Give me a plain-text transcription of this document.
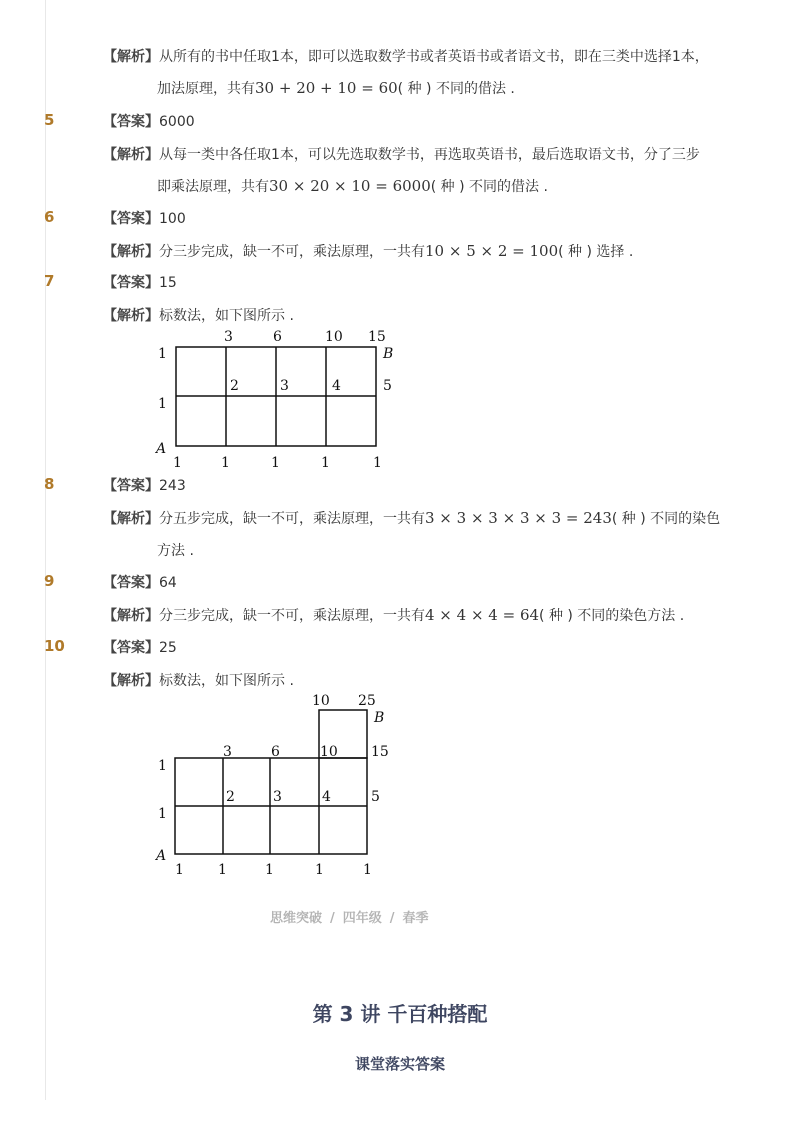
【解析】从所有的书中任取1本，即可以选取数学书或者英语书或者语文书，即在三类中选择1本，
加法原理，共有30 + 20 + 10 = 60( 种 ) 不同的借法 .
5	【答案】6000
【解析】从每一类中各任取1本，可以先选取数学书，再选取英语书，最后选取语文书，分了三步
即乘法原理，共有30 × 20 × 10 = 6000( 种 ) 不同的借法 .
6	【答案】100
【解析】分三步完成，缺一不可，乘法原理，一共有10 × 5 × 2 = 100( 种 ) 选择 .
7	【答案】15
【解析】标数法，如下图所示 .
3	6	10 15
1
1
2	3	4	5
B
A
1	1	1	1	1
8	【答案】243
【解析】分五步完成，缺一不可，乘法原理，一共有3 × 3 × 3 × 3 × 3 = 243( 种 ) 不同的染色
方法 .
9	【答案】64
【解析】分三步完成，缺一不可，乘法原理，一共有4 × 4 × 4 = 64( 种 ) 不同的染色方法 .
10	【答案】25
【解析】标数法，如下图所示 .
10 25
B
3	6	10 15
1
1
2	3	4	5
A
1 1	1	1	1
思维突破 / 四年级 / 春季
第 3 讲 千百种搭配
课堂落实答案
